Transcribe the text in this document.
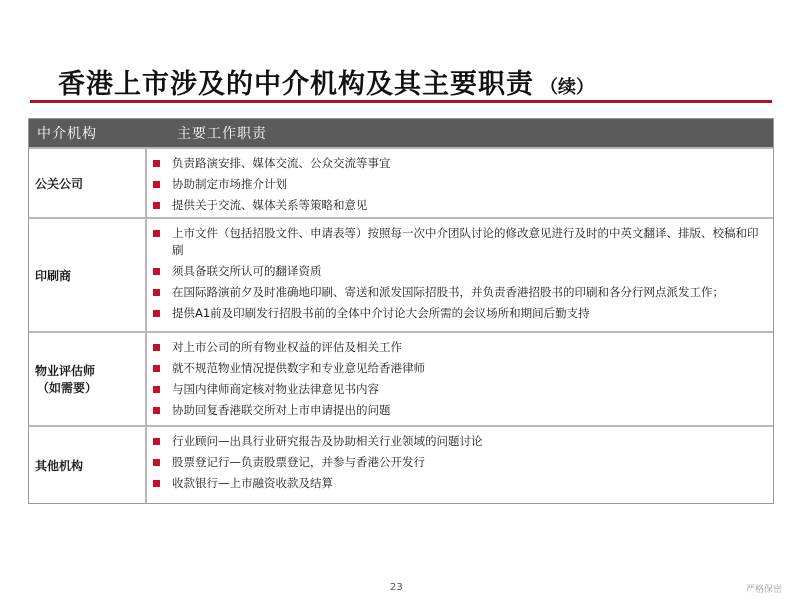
香港上市涉及的中介机构及其主要职责 （续）
中介机构	主要工作职责
公关公司
负责路演安排、媒体交流、公众交流等事宜
协助制定市场推介计划
提供关于交流、媒体关系等策略和意见
印刷商
上市文件（包括招股文件、申请表等）按照每一次中介团队讨论的修改意见进行及时的中英文翻译、排版、校稿和印刷
须具备联交所认可的翻译资质
在国际路演前夕及时准确地印刷、寄送和派发国际招股书，并负责香港招股书的印刷和各分行网点派发工作；
提供A1前及印刷发行招股书前的全体中介讨论大会所需的会议场所和期间后勤支持
物业评估师
（如需要）
对上市公司的所有物业权益的评估及相关工作
就不规范物业情况提供数字和专业意见给香港律师
与国内律师商定核对物业法律意见书内容
协助回复香港联交所对上市申请提出的问题
其他机构
行业顾问—出具行业研究报告及协助相关行业领域的问题讨论
股票登记行—负责股票登记，并参与香港公开发行
收款银行—上市融资收款及结算
23	严格保密
